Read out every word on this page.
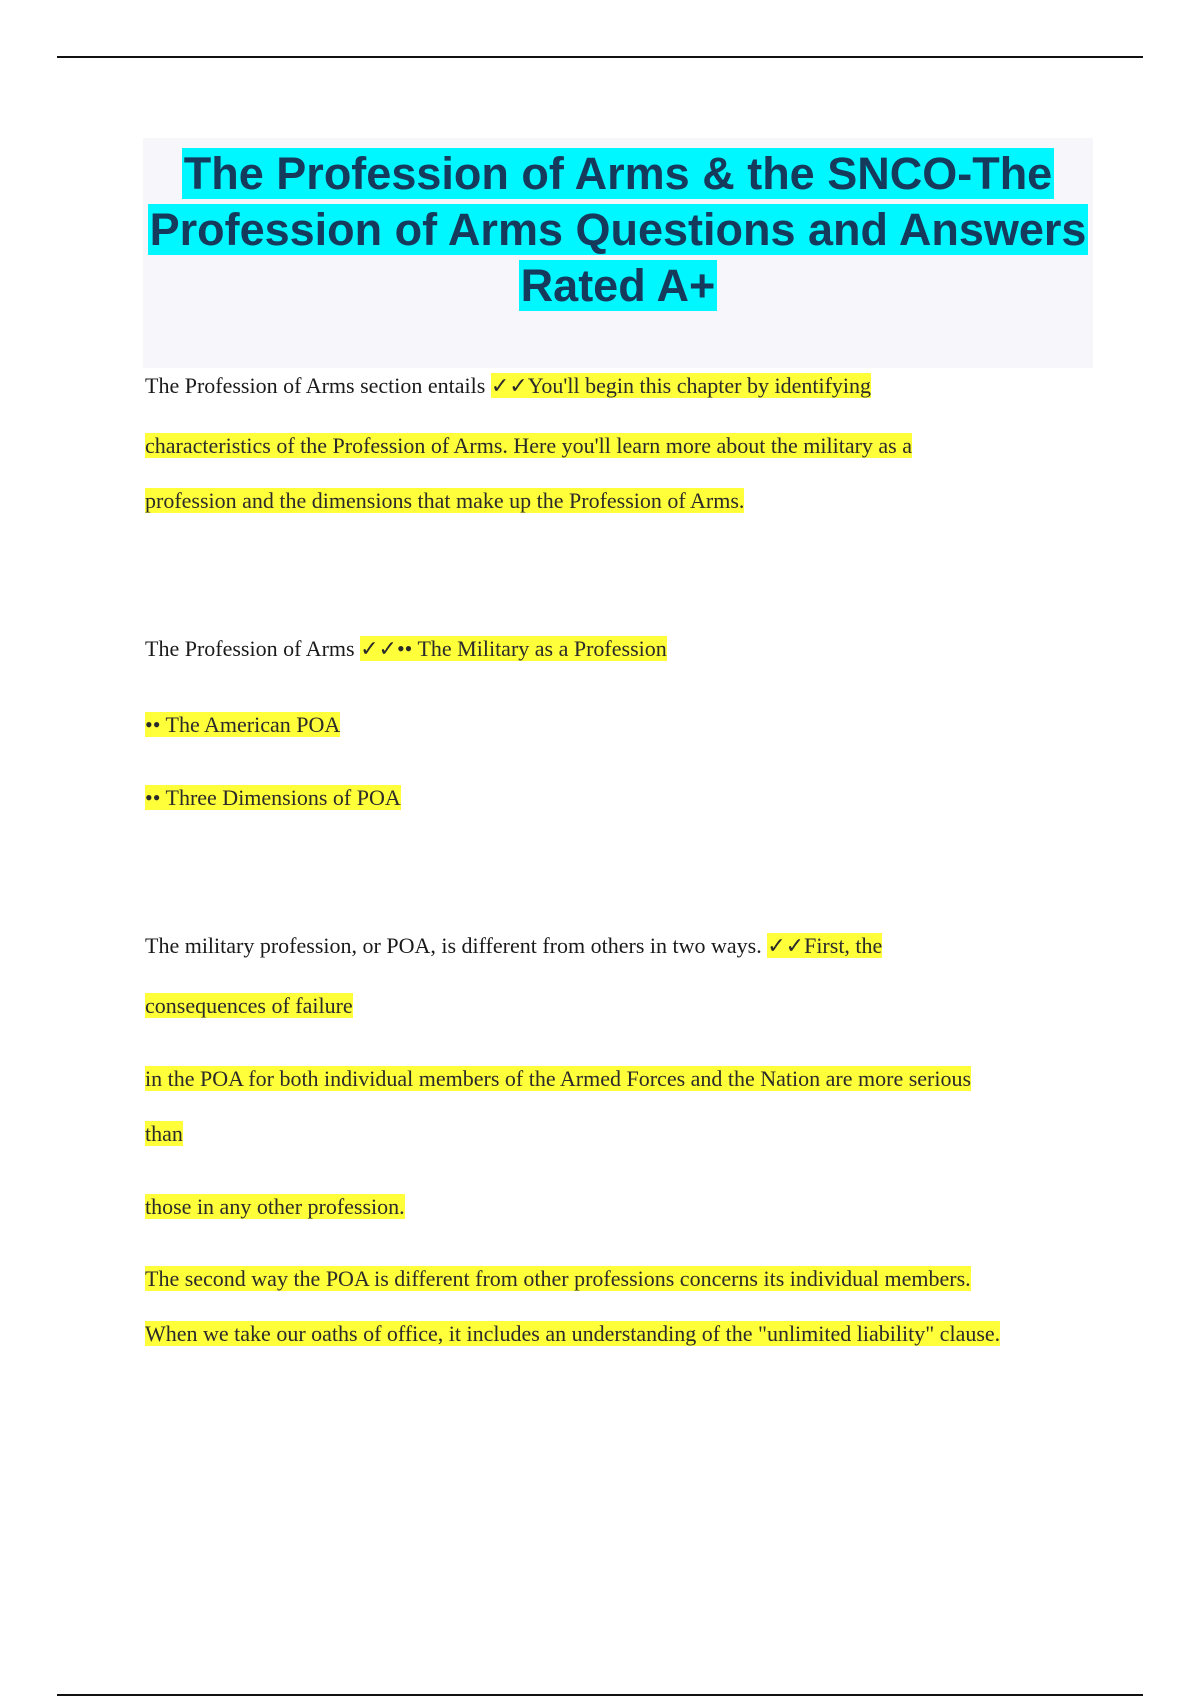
The Profession of Arms & the SNCO-The Profession of Arms Questions and Answers Rated A+
The Profession of Arms section entails ✓✓You'll begin this chapter by identifying
characteristics of the Profession of Arms. Here you'll learn more about the military as a
profession and the dimensions that make up the Profession of Arms.
The Profession of Arms ✓✓•• The Military as a Profession
•• The American POA
•• Three Dimensions of POA
The military profession, or POA, is different from others in two ways. ✓✓First, the
consequences of failure
in the POA for both individual members of the Armed Forces and the Nation are more serious
than
those in any other profession.
The second way the POA is different from other professions concerns its individual members.
When we take our oaths of office, it includes an understanding of the "unlimited liability" clause.
